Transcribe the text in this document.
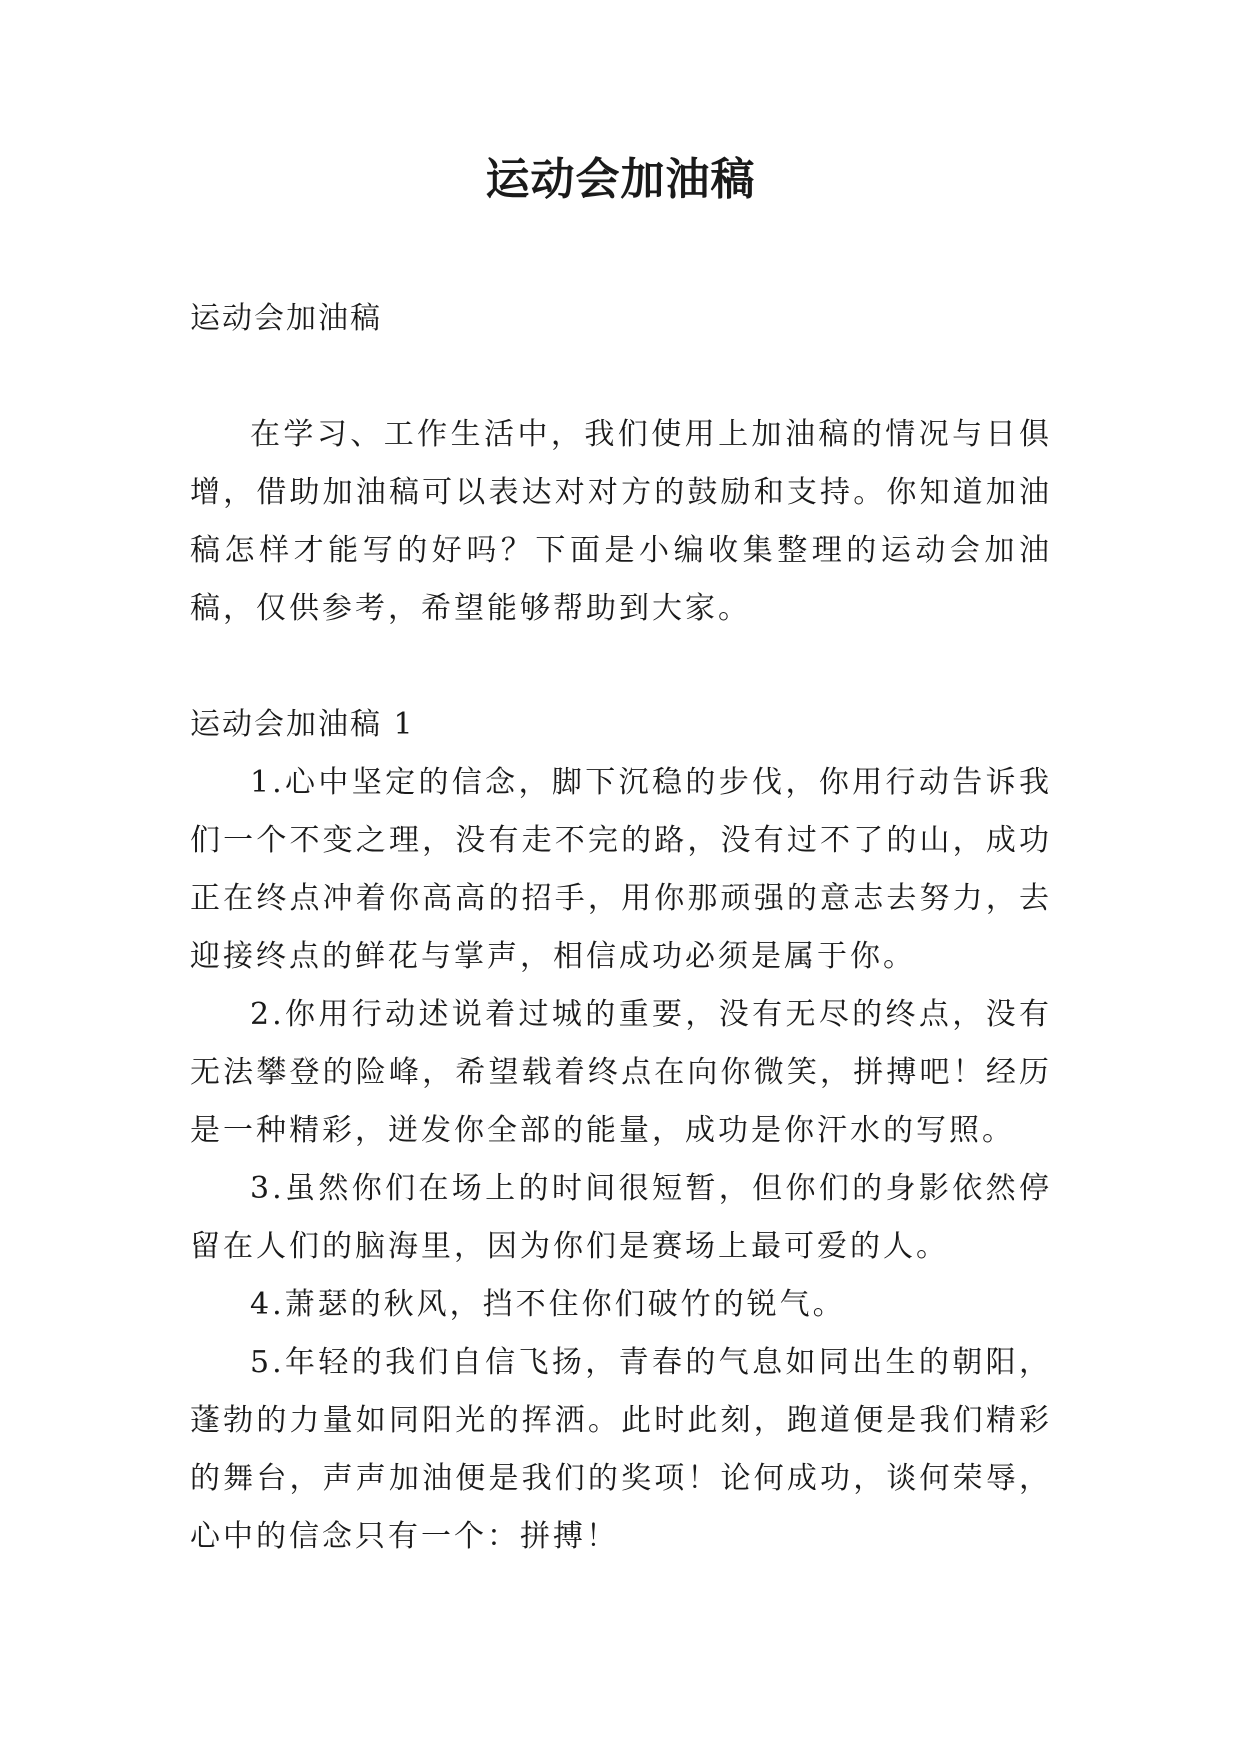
运动会加油稿

运动会加油稿

在学习、工作生活中，我们使用上加油稿的情况与日俱增，借助加油稿可以表达对对方的鼓励和支持。你知道加油稿怎样才能写的好吗？下面是小编收集整理的运动会加油稿，仅供参考，希望能够帮助到大家。

运动会加油稿 1

1.心中坚定的信念，脚下沉稳的步伐，你用行动告诉我们一个不变之理，没有走不完的路，没有过不了的山，成功正在终点冲着你高高的招手，用你那顽强的意志去努力，去迎接终点的鲜花与掌声，相信成功必须是属于你。

2.你用行动述说着过城的重要，没有无尽的终点，没有无法攀登的险峰，希望载着终点在向你微笑，拼搏吧！经历是一种精彩，迸发你全部的能量，成功是你汗水的写照。

3.虽然你们在场上的时间很短暂，但你们的身影依然停留在人们的脑海里，因为你们是赛场上最可爱的人。

4.萧瑟的秋风，挡不住你们破竹的锐气。

5.年轻的我们自信飞扬，青春的气息如同出生的朝阳，蓬勃的力量如同阳光的挥洒。此时此刻，跑道便是我们精彩的舞台，声声加油便是我们的奖项！论何成功，谈何荣辱，心中的信念只有一个：拼搏！
